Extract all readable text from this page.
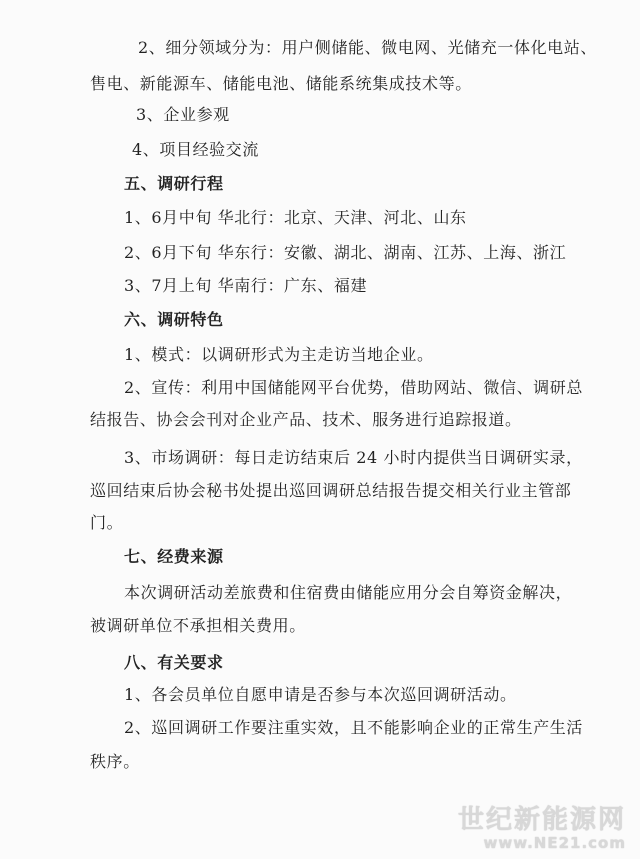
2、细分领域分为：用户侧储能、微电网、光储充一体化电站、
售电、新能源车、储能电池、储能系统集成技术等。
3、企业参观
4、项目经验交流
五、调研行程
1、6月中旬 华北行：北京、天津、河北、山东
2、6月下旬 华东行：安徽、湖北、湖南、江苏、上海、浙江
3、7月上旬 华南行：广东、福建
六、调研特色
1、模式：以调研形式为主走访当地企业。
2、宣传：利用中国储能网平台优势，借助网站、微信、调研总
结报告、协会会刊对企业产品、技术、服务进行追踪报道。
3、市场调研：每日走访结束后 24 小时内提供当日调研实录，
巡回结束后协会秘书处提出巡回调研总结报告提交相关行业主管部
门。
七、经费来源
本次调研活动差旅费和住宿费由储能应用分会自筹资金解决，
被调研单位不承担相关费用。
八、有关要求
1、各会员单位自愿申请是否参与本次巡回调研活动。
2、巡回调研工作要注重实效，且不能影响企业的正常生产生活
秩序。
世纪新能源网
www.NE21.com
